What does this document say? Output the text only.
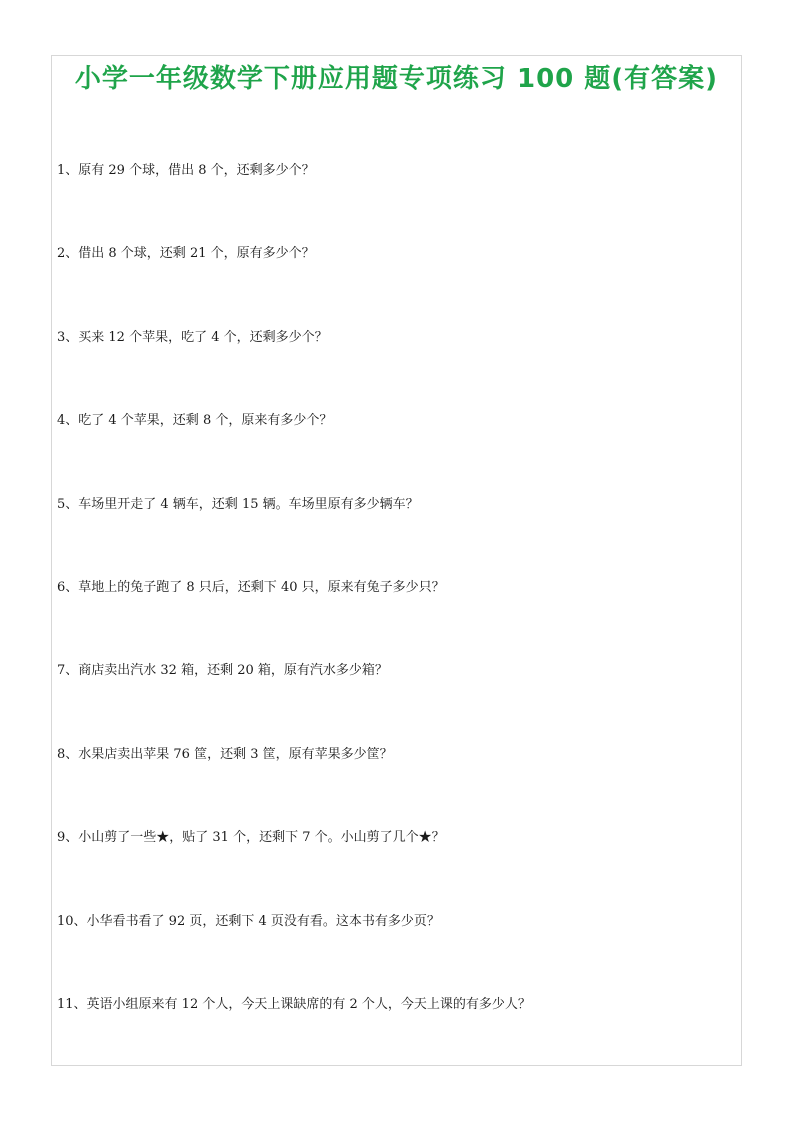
小学一年级数学下册应用题专项练习 100 题(有答案)
1、原有 29 个球，借出 8 个，还剩多少个？
2、借出 8 个球，还剩 21 个，原有多少个？
3、买来 12 个苹果，吃了 4 个，还剩多少个？
4、吃了 4 个苹果，还剩 8 个，原来有多少个？
5、车场里开走了 4 辆车，还剩 15 辆。车场里原有多少辆车？
6、草地上的兔子跑了 8 只后，还剩下 40 只，原来有兔子多少只？
7、商店卖出汽水 32 箱，还剩 20 箱，原有汽水多少箱？
8、水果店卖出苹果 76 筐，还剩 3 筐，原有苹果多少筐？
9、小山剪了一些★，贴了 31 个，还剩下 7 个。小山剪了几个★？
10、小华看书看了 92 页，还剩下 4 页没有看。这本书有多少页？
11、英语小组原来有 12 个人，今天上课缺席的有 2 个人，今天上课的有多少人？
